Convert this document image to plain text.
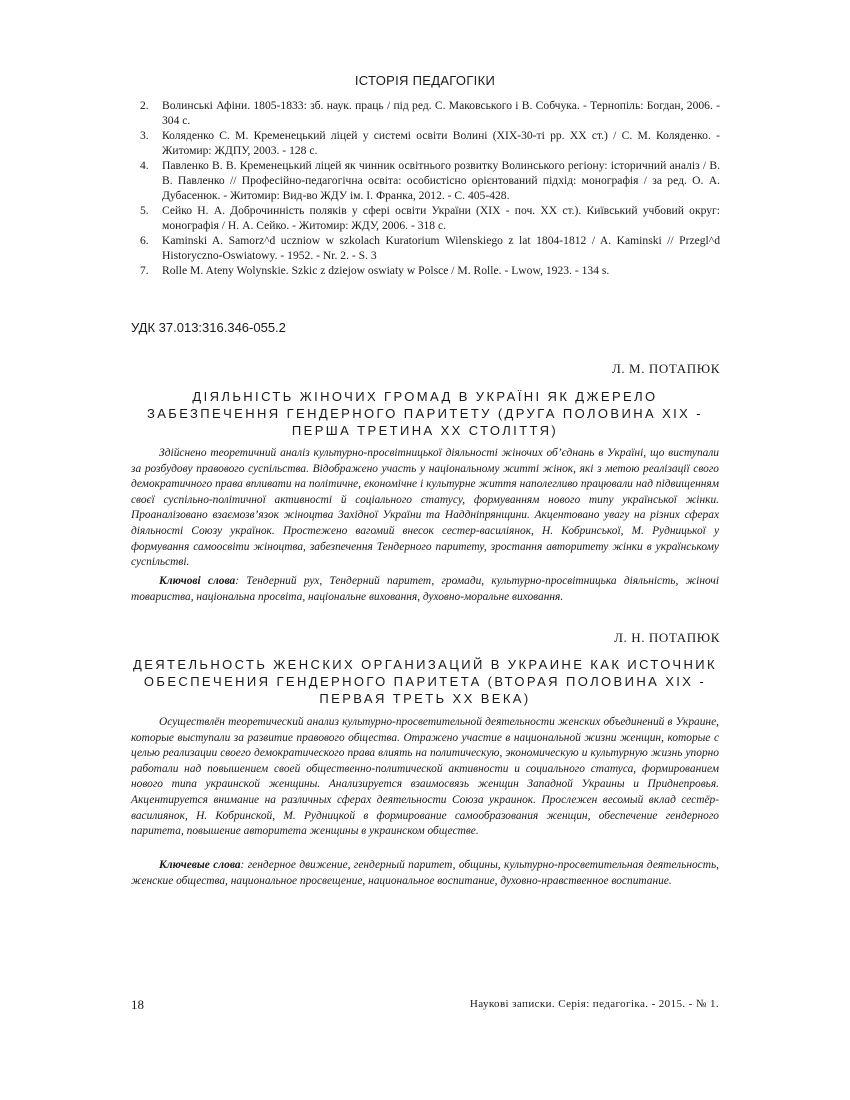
ІСТОРІЯ ПЕДАГОГІКИ
2. Волинські Афіни. 1805-1833: зб. наук. праць / під ред. С. Маковського і В. Собчука. - Тернопіль: Богдан, 2006. - 304 с.
3. Коляденко С. М. Кременецький ліцей у системі освіти Волині (ХІХ-30-ті рр. ХХ ст.) / С. М. Коляденко. - Житомир: ЖДПУ, 2003. - 128 с.
4. Павленко В. В. Кременецький ліцей як чинник освітнього розвитку Волинського регіону: історичний аналіз / В. В. Павленко // Професійно-педагогічна освіта: особистісно орієнтований підхід: монографія / за ред. О. А. Дубасенюк. - Житомир: Вид-во ЖДУ ім. І. Франка, 2012. - С. 405-428.
5. Сейко Н. А. Доброчинність поляків у сфері освіти України (ХІХ - поч. ХХ ст.). Київський учбовий округ: монографія / Н. А. Сейко. - Житомир: ЖДУ, 2006. - 318 с.
6. Kaminski A. Samorz^d uczniow w szkolach Kuratorium Wilenskiego z lat 1804-1812 / A. Kaminski // Przegl^d Historyczno-Oswiatowy. - 1952. - Nr. 2. - S. 3
7. Rolle M. Ateny Wolynskie. Szkic z dziejow oswiaty w Polsce / M. Rolle. - Lwow, 1923. - 134 s.
УДК 37.013:316.346-055.2
Л. М. ПОТАПЮК
ДІЯЛЬНІСТЬ ЖІНОЧИХ ГРОМАД В УКРАЇНІ ЯК ДЖЕРЕЛО ЗАБЕЗПЕЧЕННЯ ГЕНДЕРНОГО ПАРИТЕТУ (ДРУГА ПОЛОВИНА ХІХ - ПЕРША ТРЕТИНА ХХ СТОЛІТТЯ)

Здійснено теоретичний аналіз культурно-просвітницької діяльності жіночих об’єднань в Україні, що виступали за розбудову правового суспільства. Відображено участь у національному житті жінок, які з метою реалізації свого демократичного права впливати на політичне, економічне і культурне життя наполегливо працювали над підвищенням своєї суспільно-політичної активності й соціального статусу, формуванням нового типу української жінки. Проаналізовано взаємозв’язок жіноцтва Західної України та Наддніпрянщини. Акцентовано увагу на різних сферах діяльності Союзу українок. Простежено вагомий внесок сестер-василіянок, Н. Кобринської, М. Рудницької у формування самоосвіти жіноцтва, забезпечення Тендерного паритету, зростання авторитету жінки в українському суспільстві.

Ключові слова: Тендерний рух, Тендерний паритет, громади, культурно-просвітницька діяльність, жіночі товариства, національна просвіта, національне виховання, духовно-моральне виховання.

Л. Н. ПОТАПЮК
ДЕЯТЕЛЬНОСТЬ ЖЕНСКИХ ОРГАНИЗАЦИЙ В УКРАИНЕ КАК ИСТОЧНИК ОБЕСПЕЧЕНИЯ ГЕНДЕРНОГО ПАРИТЕТА (ВТОРАЯ ПОЛОВИНА ХІХ - ПЕРВАЯ ТРЕТЬ ХХ ВЕКА)

Осуществлён теоретический анализ культурно-просветительной деятельности женских объединений в Украине, которые выступали за развитие правового общества. Отражено участие в национальной жизни женщин, которые с целью реализации своего демократического права влиять на политическую, экономическую и культурную жизнь упорно работали над повышением своей общественно-политической активности и социального статуса, формированием нового типа украинской женщины. Анализируется взаимосвязь женщин Западной Украины и Приднепровья. Акцентируется внимание на различных сферах деятельности Союза украинок. Прослежен весомый вклад сестёр-василиянок, Н. Кобринской, М. Рудницкой в формирование самообразования женщин, обеспечение гендерного паритета, повышение авторитета женщины в украинском обществе.

Ключевые слова: гендерное движение, гендерный паритет, общины, культурно-просветительная деятельность, женские общества, национальное просвещение, национальное воспитание, духовно-нравственное воспитание.

18	Наукові записки. Серія: педагогіка. - 2015. - № 1.
